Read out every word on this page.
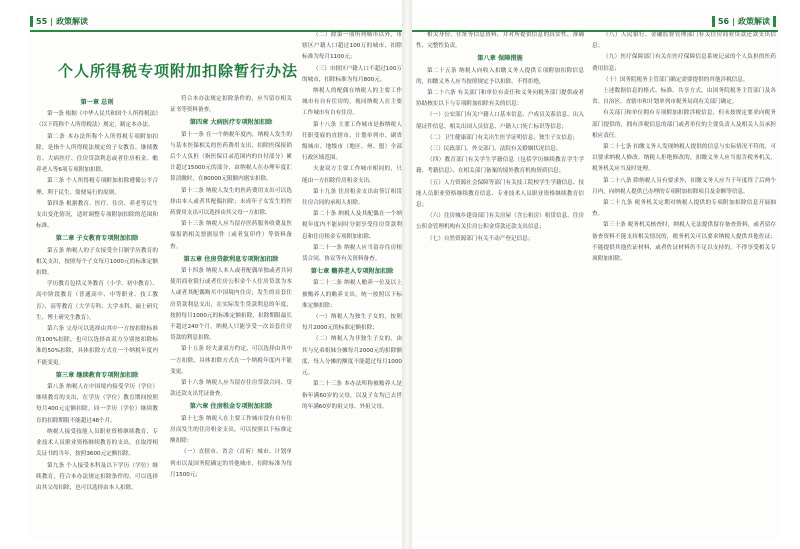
55 | 政策解读
个人所得税专项附加扣除暂行办法
第一章 总则

第一条 根据《中华人民共和国个人所得税法》（以下简称个人所得税法）规定，制定本办法。

第二条 本办法所称个人所得税专项附加扣除，是指个人所得税法规定的子女教育、继续教育、大病医疗、住房贷款利息或者住房租金、赡养老人等6项专项附加扣除。

第三条 个人所得税专项附加扣除遵循公平合理、利于民生、简便易行的原则。

第四条 根据教育、医疗、住房、养老等民生支出变化情况，适时调整专项附加扣除的范围和标准。

第二章 子女教育专项附加扣除

第五条 纳税人的子女接受全日制学历教育的相关支出，按照每个子女每月1000元的标准定额扣除。

学历教育包括义务教育（小学、初中教育）、高中阶段教育（普通高中、中等职业、技工教育）、高等教育（大学专科、大学本科、硕士研究生、博士研究生教育）。

第六条 父母可以选择由其中一方按扣除标准的100%扣除，也可以选择由双方分别按扣除标准的50%扣除，具体扣除方式在一个纳税年度内不能变更。

第三章 继续教育专项附加扣除

第八条 纳税人在中国境内接受学历（学位）继续教育的支出，在学历（学位）教育期间按照每月400元定额扣除。同一学历（学位）继续教育的扣除期限不能超过48个月。

纳税人接受技能人员职业资格继续教育、专业技术人员职业资格继续教育的支出，在取得相关证书的当年，按照3600元定额扣除。

第九条 个人接受本科及以下学历（学位）继续教育，符合本办法规定扣除条件的，可以选择由其父母扣除，也可以选择由本人扣除。

符合本办法规定扣除条件的，应当留存相关证书等资料备查。

第四章 大病医疗专项附加扣除

第十一条 在一个纳税年度内，纳税人发生的与基本医保相关的医药费用支出，扣除医保报销后个人负担（指医保目录范围内的自付部分）累计超过15000元的部分，由纳税人在办理年度汇算清缴时，在80000元限额内据实扣除。

第十二条 纳税人发生的医药费用支出可以选择由本人或者其配偶扣除；未成年子女发生的医药费用支出可以选择由其父母一方扣除。

第十三条 纳税人应当留存医药服务收费及医保报销相关票据原件（或者复印件）等资料备查。

第五章 住房贷款利息专项附加扣除

第十四条 纳税人本人或者配偶单独或者共同使用商业银行或者住房公积金个人住房贷款为本人或者其配偶购买中国境内住房，发生的首套住房贷款利息支出，在实际发生贷款利息的年度，按照每月1000元的标准定额扣除，扣除期限最长不超过240个月。纳税人只能享受一次首套住房贷款的利息扣除。

第十五条 经夫妻双方约定，可以选择由其中一方扣除，具体扣除方式在一个纳税年度内不能变更。

第十六条 纳税人应当留存住房贷款合同、贷款还款支出凭证备查。

第六章 住房租金专项附加扣除

第十七条 纳税人在主要工作城市没有自有住房而发生的住房租金支出，可以按照以下标准定额扣除：

（一）直辖市、省会（首府）城市、计划单列市以及国务院确定的其他城市，扣除标准为每月1500元；

（二）除第一项所列城市以外，市辖区户籍人口超过100万的城市，扣除标准为每月1100元；

（三）市辖区户籍人口不超过100万的城市，扣除标准为每月800元。

纳税人的配偶在纳税人的主要工作城市有自有住房的，视同纳税人在主要工作城市有自有住房。

第十八条 主要工作城市是指纳税人任职受雇的直辖市、计划单列市、副省级城市、地级市（地区、州、盟）全部行政区域范围。

夫妻双方主要工作城市相同的，只能由一方扣除住房租金支出。

第十九条 住房租金支出由签订租赁住房合同的承租人扣除。

第二十条 纳税人及其配偶在一个纳税年度内不能同时分别享受住房贷款利息和住房租金专项附加扣除。

第二十一条 纳税人应当留存住房租赁合同、协议等有关资料备查。

第七章 赡养老人专项附加扣除

第二十二条 纳税人赡养一位及以上被赡养人的赡养支出，统一按照以下标准定额扣除：

（一）纳税人为独生子女的，按照每月2000元的标准定额扣除；

（二）纳税人为非独生子女的，由其与兄弟姐妹分摊每月2000元的扣除额度，每人分摊的额度不能超过每月1000元。

第二十三条 本办法所称被赡养人是指年满60岁的父母，以及子女均已去世的年满60岁的祖父母、外祖父母。

56 | 政策解读

相关身份、住址等信息资料，并对所提供信息的真实性、准确性、完整性负责。

第八章 保障措施

第二十五条 纳税人向收入扣缴义务人提供专项附加扣除信息的，扣缴义务人应当按照规定予以扣除，不得拒绝。

第二十六条 有关部门和单位有责任和义务向税务部门提供或者协助核实以下与专项附加扣除有关的信息：

（一）公安部门有关户籍人口基本信息、户成员关系信息、出入境证件信息、相关出国人员信息、户籍人口死亡标识等信息；

（二）卫生健康部门有关出生医学证明信息、独生子女信息；

（三）民政部门、外交部门、法院有关婚姻状况信息；

（四）教育部门有关学生学籍信息（包括学历继续教育学生学籍、考籍信息）、在相关部门备案的境外教育机构资质信息；

（五）人力资源社会保障等部门有关技工院校学生学籍信息、技能人员职业资格继续教育信息、专业技术人员职业资格继续教育信息；

（六）住房城乡建设部门有关房屋（含公租房）租赁信息、住房公积金管理机构有关住房公积金贷款还款支出信息；

（七）自然资源部门有关不动产登记信息；

（八）人民银行、金融监督管理部门有关住房商业贷款还款支出信息；

（九）医疗保障部门有关在医疗保障信息系统记录的个人负担的医药费用信息；

（十）国务院税务主管部门确定需要提供的其他涉税信息。

上述数据信息的格式、标准、共享方式，由国务院税务主管部门及各省、自治区、直辖市和计划单列市税务局商有关部门确定。

有关部门和单位拥有专项附加扣除涉税信息，但未按规定要求向税务部门提供的，拥有涉税信息的部门或者单位的主要负责人及相关人员承担相应责任。

第二十七条 扣缴义务人发现纳税人提供的信息与实际情况不符的，可以要求纳税人修改。纳税人拒绝修改的，扣缴义务人应当报告税务机关，税务机关应当及时处理。

第二十八条 除纳税人另有要求外，扣缴义务人应当于年度终了后两个月内，向纳税人提供已办理的专项附加扣除项目及金额等信息。

第二十九条 税务机关定期对纳税人提供的专项附加扣除信息开展抽查。

第三十条 税务机关核查时，纳税人无法提供留存备查资料，或者留存备查资料不能支持相关情况的，税务机关可以要求纳税人提供其他佐证；不能提供其他佐证材料，或者佐证材料仍不足以支持的，不得享受相关专项附加扣除。
